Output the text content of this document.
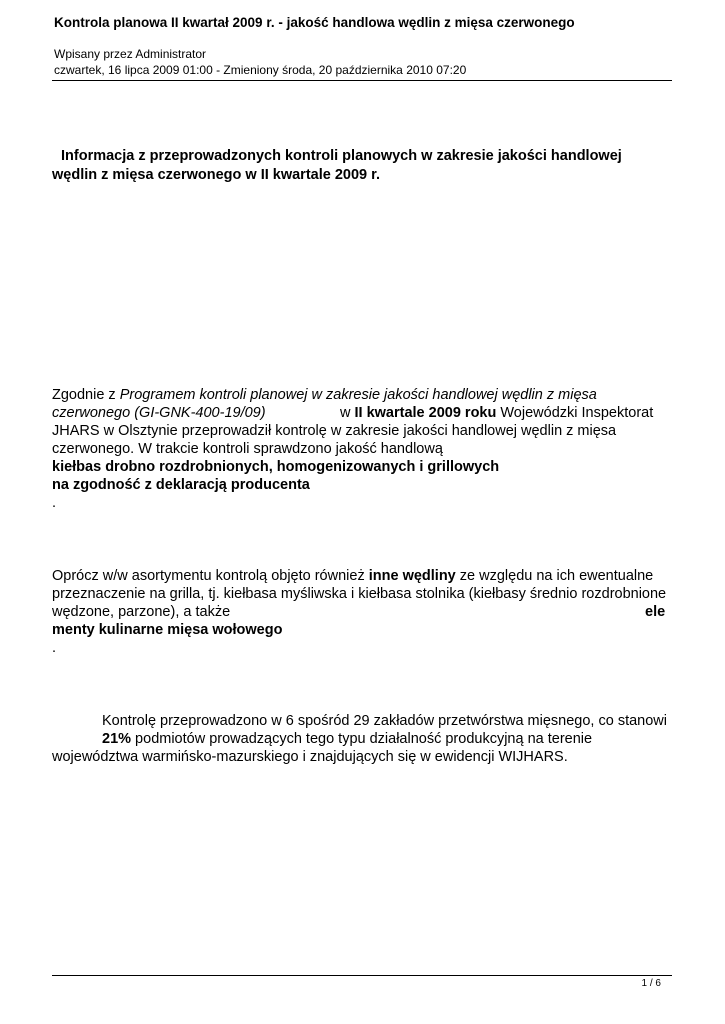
Kontrola planowa II kwartał 2009 r. - jakość handlowa wędlin z mięsa czerwonego
Wpisany przez Administrator
czwartek, 16 lipca 2009 01:00 - Zmieniony środa, 20 października 2010 07:20
Informacja z przeprowadzonych kontroli planowych w zakresie jakości handlowej
wędlin z mięsa czerwonego w II kwartale 2009 r.
Zgodnie z Programem kontroli planowej w zakresie jakości handlowej wędlin z mięsa
czerwonego (GI-GNK-400-19/09)	w II kwartale 2009 roku Wojewódzki Inspektorat
JHARS w Olsztynie przeprowadził kontrolę w zakresie jakości handlowej wędlin z mięsa
czerwonego. W trakcie kontroli sprawdzono jakość handlową
kiełbas drobno rozdrobnionych, homogenizowanych i grillowych
na zgodność z deklaracją producenta
.
Oprócz w/w asortymentu kontrolą objęto również inne wędliny ze względu na ich ewentualne
przeznaczenie na grilla, tj. kiełbasa myśliwska i kiełbasa stolnika (kiełbasy średnio rozdrobnione
wędzone, parzone), a także	ele
menty kulinarne mięsa wołowego
.
Kontrolę przeprowadzono w 6 spośród 29 zakładów przetwórstwa mięsnego, co stanowi
21% podmiotów prowadzących tego typu działalność produkcyjną na terenie
województwa warmińsko-mazurskiego i znajdujących się w ewidencji WIJHARS.
1 / 6
